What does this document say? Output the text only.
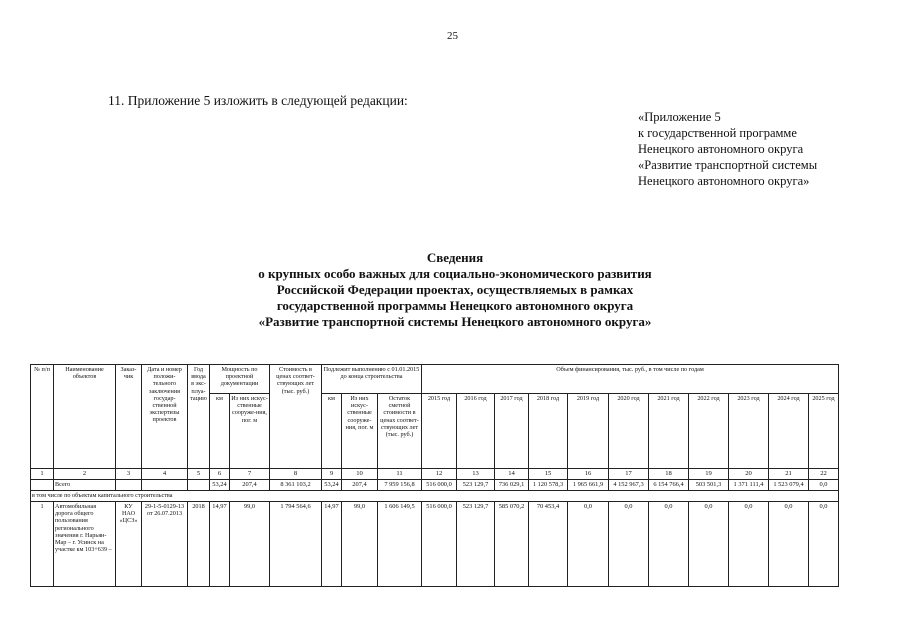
25
11. Приложение 5 изложить в следующей редакции:
«Приложение 5
к государственной программе
Ненецкого автономного округа
«Развитие транспортной системы
Ненецкого автономного округа»
Сведения
о крупных особо важных для социально-экономического развития
Российской Федерации проектах, осуществляемых в рамках
государственной программы Ненецкого автономного округа
«Развитие транспортной системы Ненецкого автономного округа»
№ п/п	Наименование объектов	Заказ-чик	Дата и номер положи-тельного заключения государ-ственной экспертизы проектов	Год ввода в экс-плуа-тацию	Мощность по проектной документации		Стоимость в ценах соответ-ствующих лет (тыс. руб.)	Подлежит выполнению с 01.01.2015 до конца строительства			Объем финансирования, тыс. руб., в том числе по годам										
					км	Из них искус-ственные сооруже-ния, пог. м		км	Из них искус-ственные сооруже-ния, пог. м	Остаток сметной стоимости в ценах соответ-ствующих лет (тыс. руб.)	2015 год	2016 год	2017 год	2018 год	2019 год	2020 год	2021 год	2022 год	2023 год	2024 год	2025 год
1	2	3	4	5	6	7	8	9	10	11	12	13	14	15	16	17	18	19	20	21	22
	Всего				53,24	207,4	8 361 103,2	53,24	207,4	7 959 156,8	516 000,0	523 129,7	736 029,1	1 120 578,3	1 965 661,9	4 152 967,3	6 154 766,4	503 501,3	1 371 111,4	1 523 079,4	0,0
в том числе по объектам капитального строительства																					
1	Автомобильная дорога общего пользования регионального значения г. Нарьян-Мар – г. Усинск на участке км 103+639 –	КУ НАО «ЦСЗ»	29-1-5-0129-13 от 26.07.2013	2018	14,97	99,0	1 794 564,6	14,97	99,0	1 606 149,5	516 000,0	523 129,7	585 070,2	70 453,4	0,0	0,0	0,0	0,0	0,0	0,0	0,0
